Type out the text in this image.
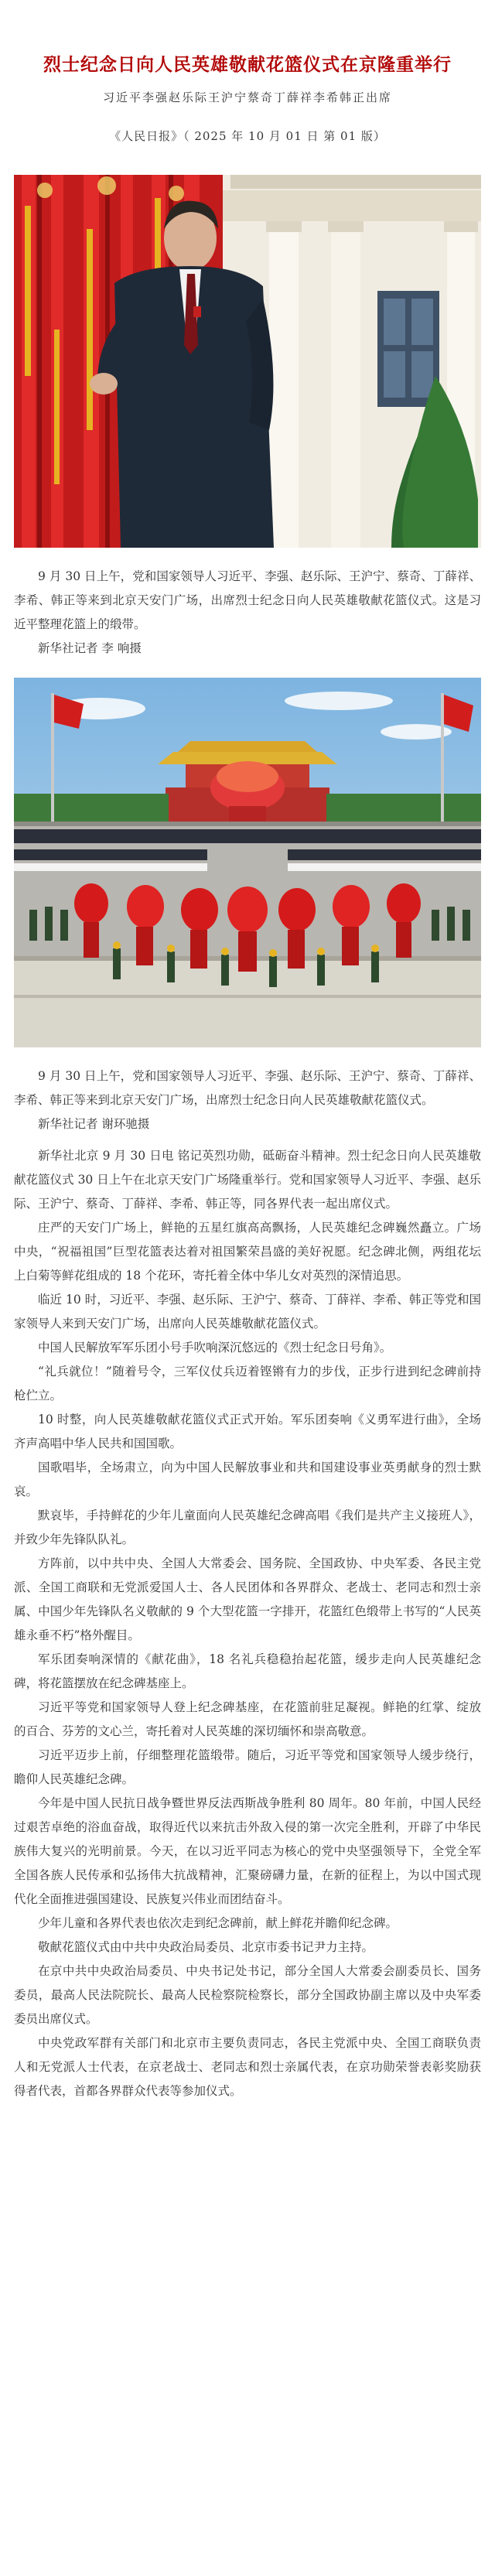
烈士纪念日向人民英雄敬献花篮仪式在京隆重举行
习近平李强赵乐际王沪宁蔡奇丁薛祥李希韩正出席
《人民日报》（ 2025 年 10 月 01 日 第 01 版）

9 月 30 日上午，党和国家领导人习近平、李强、赵乐际、王沪宁、蔡奇、丁薛祥、李希、韩正等来到北京天安门广场，出席烈士纪念日向人民英雄敬献花篮仪式。这是习近平整理花篮上的缎带。

新华社记者 李 响摄

9 月 30 日上午，党和国家领导人习近平、李强、赵乐际、王沪宁、蔡奇、丁薛祥、李希、韩正等来到北京天安门广场，出席烈士纪念日向人民英雄敬献花篮仪式。

新华社记者 谢环驰摄

新华社北京 9 月 30 日电 铭记英烈功勋，砥砺奋斗精神。烈士纪念日向人民英雄敬献花篮仪式 30 日上午在北京天安门广场隆重举行。党和国家领导人习近平、李强、赵乐际、王沪宁、蔡奇、丁薛祥、李希、韩正等，同各界代表一起出席仪式。

庄严的天安门广场上，鲜艳的五星红旗高高飘扬，人民英雄纪念碑巍然矗立。广场中央，“祝福祖国”巨型花篮表达着对祖国繁荣昌盛的美好祝愿。纪念碑北侧，两组花坛上白菊等鲜花组成的 18 个花环，寄托着全体中华儿女对英烈的深情追思。

临近 10 时，习近平、李强、赵乐际、王沪宁、蔡奇、丁薛祥、李希、韩正等党和国家领导人来到天安门广场，出席向人民英雄敬献花篮仪式。

中国人民解放军军乐团小号手吹响深沉悠远的《烈士纪念日号角》。

“礼兵就位！”随着号令，三军仪仗兵迈着铿锵有力的步伐，正步行进到纪念碑前持枪伫立。

10 时整，向人民英雄敬献花篮仪式正式开始。军乐团奏响《义勇军进行曲》，全场齐声高唱中华人民共和国国歌。

国歌唱毕，全场肃立，向为中国人民解放事业和共和国建设事业英勇献身的烈士默哀。

默哀毕，手持鲜花的少年儿童面向人民英雄纪念碑高唱《我们是共产主义接班人》，并致少年先锋队队礼。

方阵前，以中共中央、全国人大常委会、国务院、全国政协、中央军委、各民主党派、全国工商联和无党派爱国人士、各人民团体和各界群众、老战士、老同志和烈士亲属、中国少年先锋队名义敬献的 9 个大型花篮一字排开，花篮红色缎带上书写的“人民英雄永垂不朽”格外醒目。

军乐团奏响深情的《献花曲》，18 名礼兵稳稳抬起花篮，缓步走向人民英雄纪念碑，将花篮摆放在纪念碑基座上。

习近平等党和国家领导人登上纪念碑基座，在花篮前驻足凝视。鲜艳的红掌、绽放的百合、芬芳的文心兰，寄托着对人民英雄的深切缅怀和崇高敬意。

习近平迈步上前，仔细整理花篮缎带。随后，习近平等党和国家领导人缓步绕行，瞻仰人民英雄纪念碑。

今年是中国人民抗日战争暨世界反法西斯战争胜利 80 周年。80 年前，中国人民经过艰苦卓绝的浴血奋战，取得近代以来抗击外敌入侵的第一次完全胜利，开辟了中华民族伟大复兴的光明前景。今天，在以习近平同志为核心的党中央坚强领导下，全党全军全国各族人民传承和弘扬伟大抗战精神，汇聚磅礴力量，在新的征程上，为以中国式现代化全面推进强国建设、民族复兴伟业而团结奋斗。

少年儿童和各界代表也依次走到纪念碑前，献上鲜花并瞻仰纪念碑。

敬献花篮仪式由中共中央政治局委员、北京市委书记尹力主持。

在京中共中央政治局委员、中央书记处书记，部分全国人大常委会副委员长、国务委员，最高人民法院院长、最高人民检察院检察长，部分全国政协副主席以及中央军委委员出席仪式。

中央党政军群有关部门和北京市主要负责同志，各民主党派中央、全国工商联负责人和无党派人士代表，在京老战士、老同志和烈士亲属代表，在京功勋荣誉表彰奖励获得者代表，首都各界群众代表等参加仪式。
